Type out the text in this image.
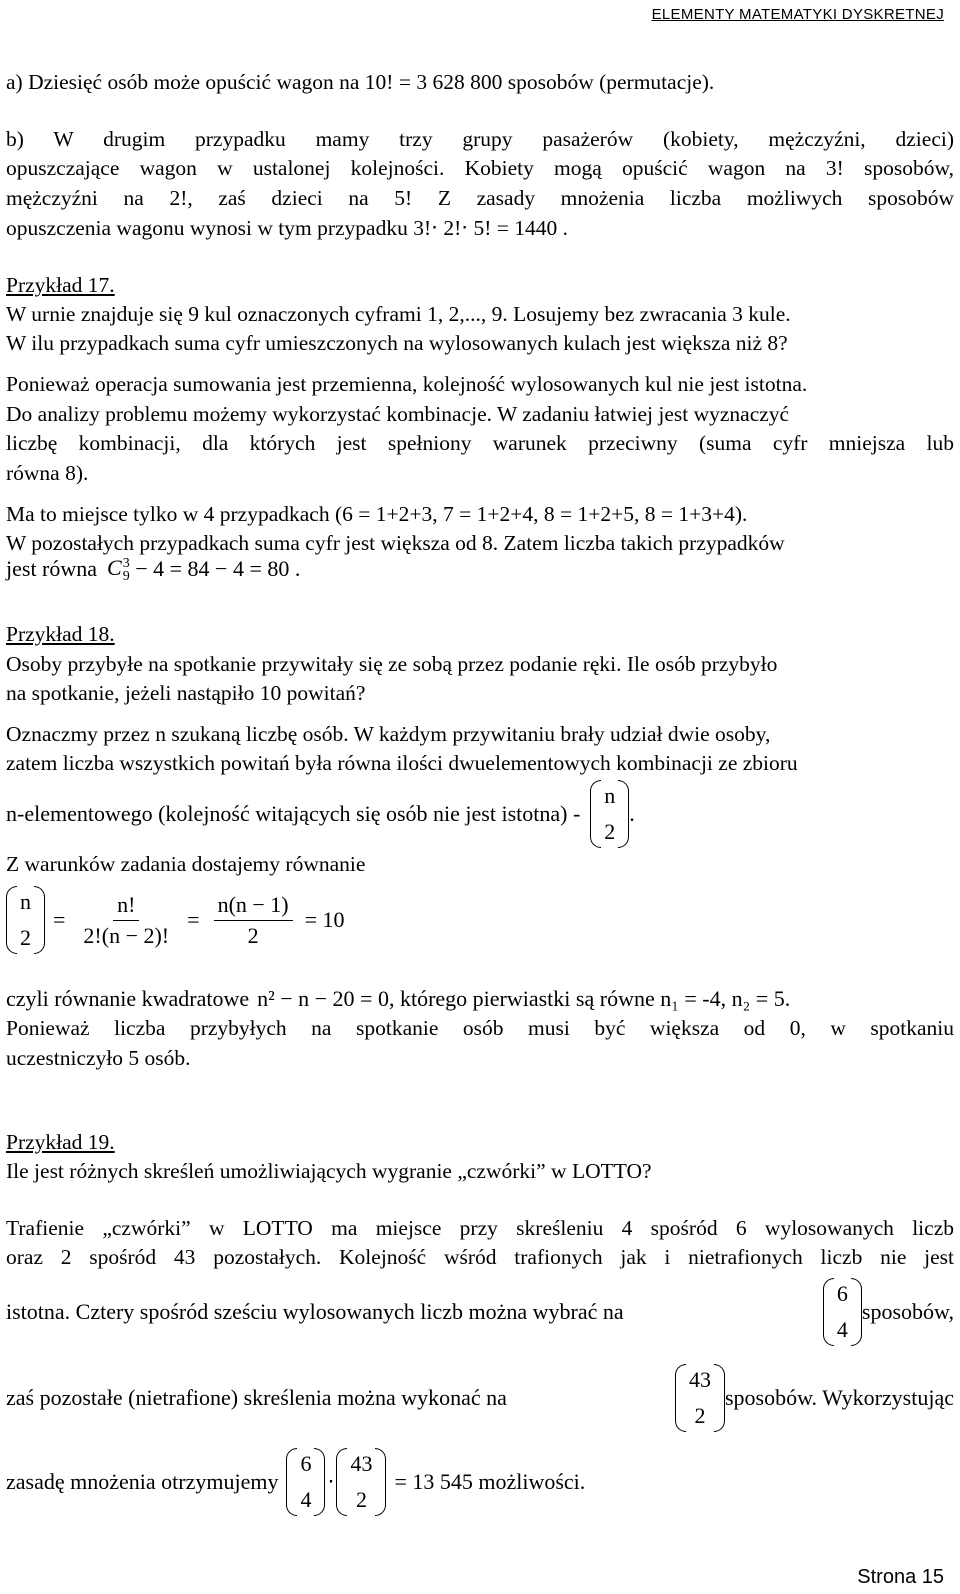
ELEMENTY MATEMATYKI DYSKRETNEJ
a) Dziesięć osób może opuścić wagon na 10! = 3 628 800 sposobów (permutacje).
b) W drugim przypadku mamy trzy grupy pasażerów (kobiety, mężczyźni, dzieci)
opuszczające wagon w ustalonej kolejności. Kobiety mogą opuścić wagon na 3! sposobów,
mężczyźni na 2!, zaś dzieci na 5! Z zasady mnożenia liczba możliwych sposobów
opuszczenia wagonu wynosi w tym przypadku 3!⋅ 2!⋅ 5! = 1440 .
Przykład 17.
W urnie znajduje się 9 kul oznaczonych cyframi 1, 2,..., 9. Losujemy bez zwracania 3 kule.
W ilu przypadkach suma cyfr umieszczonych na wylosowanych kulach jest większa niż 8?
Ponieważ operacja sumowania jest przemienna, kolejność wylosowanych kul nie jest istotna.
Do analizy problemu możemy wykorzystać kombinacje. W zadaniu łatwiej jest wyznaczyć
liczbę kombinacji, dla których jest spełniony warunek przeciwny (suma cyfr mniejsza lub
równa 8).
Ma to miejsce tylko w 4 przypadkach (6 = 1+2+3, 7 = 1+2+4, 8 = 1+2+5, 8 = 1+3+4).
W pozostałych przypadkach suma cyfr jest większa od 8. Zatem liczba takich przypadków
jest równa C 3
9 − 4 = 84 − 4 = 80 .
Przykład 18.
Osoby przybyłe na spotkanie przywitały się ze sobą przez podanie ręki. Ile osób przybyło
na spotkanie, jeżeli nastąpiło 10 powitań?
Oznaczmy przez n szukaną liczbę osób. W każdym przywitaniu brały udział dwie osoby,
zatem liczba wszystkich powitań była równa ilości dwuelementowych kombinacji ze zbioru
n-elementowego (kolejność witających się osób nie jest istotna) -
n
2
.
Z warunków zadania dostajemy równanie
n
2
= $\frac{n!}{2!(n - 2)!} = \frac{n(n - 1)}{2} = 10$
czyli równanie kwadratowe n² − n − 20 = 0 , którego pierwiastki są równe n₁ = -4, n₂ = 5.
Ponieważ liczba przybyłych na spotkanie osób musi być większa od 0, w spotkaniu
uczestniczyło 5 osób.
Przykład 19.
Ile jest różnych skreśleń umożliwiających wygranie „czwórki” w LOTTO?
Trafienie „czwórki” w LOTTO ma miejsce przy skreśleniu 4 spośród 6 wylosowanych liczb
oraz 2 spośród 43 pozostałych. Kolejność wśród trafionych jak i nietrafionych liczb nie jest
istotna. Cztery spośród sześciu wylosowanych liczb można wybrać na
6
4
sposobów,
zaś pozostałe (nietrafione) skreślenia można wykonać na
43
2
sposobów. Wykorzystując
zasadę mnożenia otrzymujemy
6
4
⋅
43
2
= 13 545 możliwości.
Strona 15
